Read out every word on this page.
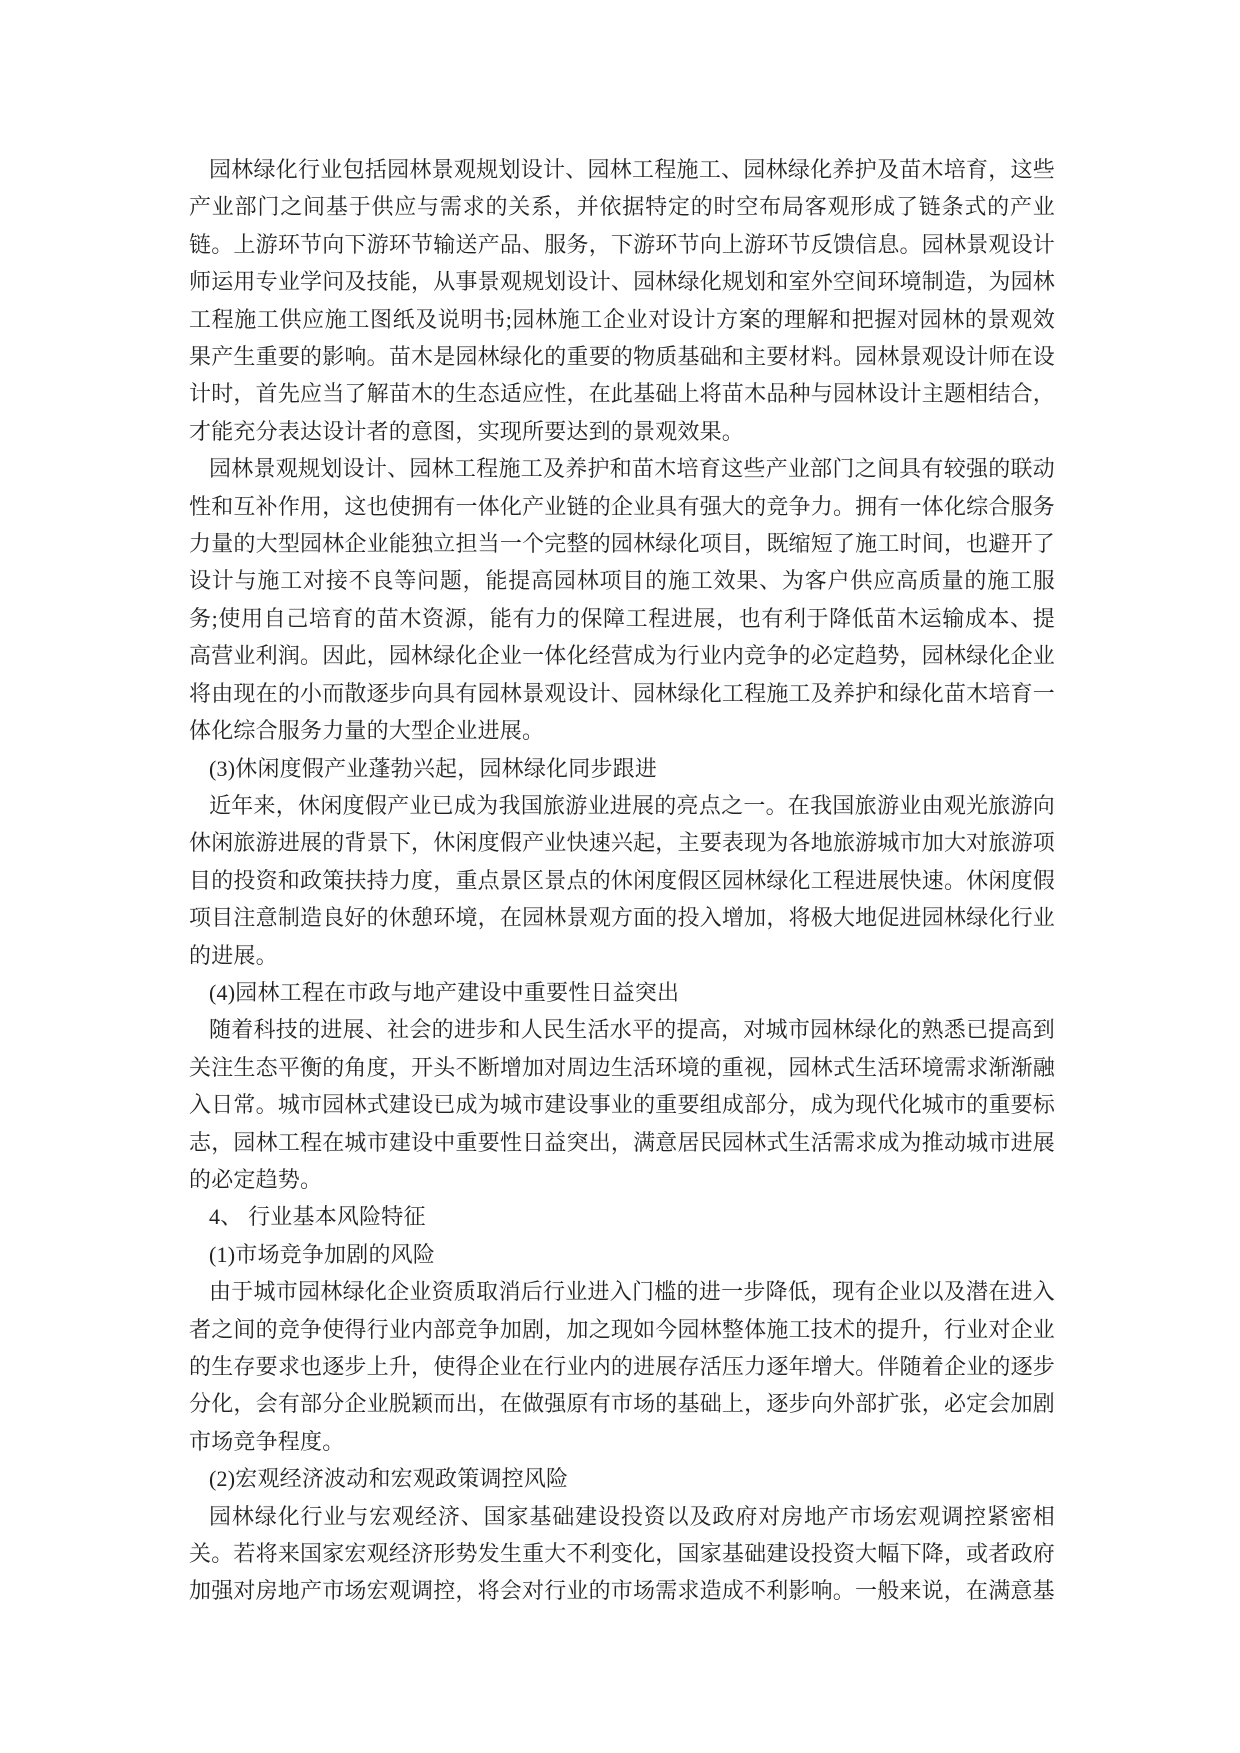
园林绿化行业包括园林景观规划设计、园林工程施工、园林绿化养护及苗木培育，这些产业部门之间基于供应与需求的关系，并依据特定的时空布局客观形成了链条式的产业链。上游环节向下游环节输送产品、服务，下游环节向上游环节反馈信息。园林景观设计师运用专业学问及技能，从事景观规划设计、园林绿化规划和室外空间环境制造，为园林工程施工供应施工图纸及说明书;园林施工企业对设计方案的理解和把握对园林的景观效果产生重要的影响。苗木是园林绿化的重要的物质基础和主要材料。园林景观设计师在设计时，首先应当了解苗木的生态适应性，在此基础上将苗木品种与园林设计主题相结合，才能充分表达设计者的意图，实现所要达到的景观效果。

园林景观规划设计、园林工程施工及养护和苗木培育这些产业部门之间具有较强的联动性和互补作用，这也使拥有一体化产业链的企业具有强大的竞争力。拥有一体化综合服务力量的大型园林企业能独立担当一个完整的园林绿化项目，既缩短了施工时间，也避开了设计与施工对接不良等问题，能提高园林项目的施工效果、为客户供应高质量的施工服务;使用自己培育的苗木资源，能有力的保障工程进展，也有利于降低苗木运输成本、提高营业利润。因此，园林绿化企业一体化经营成为行业内竞争的必定趋势，园林绿化企业将由现在的小而散逐步向具有园林景观设计、园林绿化工程施工及养护和绿化苗木培育一体化综合服务力量的大型企业进展。

(3)休闲度假产业蓬勃兴起，园林绿化同步跟进

近年来，休闲度假产业已成为我国旅游业进展的亮点之一。在我国旅游业由观光旅游向休闲旅游进展的背景下，休闲度假产业快速兴起，主要表现为各地旅游城市加大对旅游项目的投资和政策扶持力度，重点景区景点的休闲度假区园林绿化工程进展快速。休闲度假项目注意制造良好的休憩环境，在园林景观方面的投入增加，将极大地促进园林绿化行业的进展。

(4)园林工程在市政与地产建设中重要性日益突出

随着科技的进展、社会的进步和人民生活水平的提高，对城市园林绿化的熟悉已提高到关注生态平衡的角度，开头不断增加对周边生活环境的重视，园林式生活环境需求渐渐融入日常。城市园林式建设已成为城市建设事业的重要组成部分，成为现代化城市的重要标志，园林工程在城市建设中重要性日益突出，满意居民园林式生活需求成为推动城市进展的必定趋势。

4、 行业基本风险特征

(1)市场竞争加剧的风险

由于城市园林绿化企业资质取消后行业进入门槛的进一步降低，现有企业以及潜在进入者之间的竞争使得行业内部竞争加剧，加之现如今园林整体施工技术的提升，行业对企业的生存要求也逐步上升，使得企业在行业内的进展存活压力逐年增大。伴随着企业的逐步分化，会有部分企业脱颖而出，在做强原有市场的基础上，逐步向外部扩张，必定会加剧市场竞争程度。

(2)宏观经济波动和宏观政策调控风险

园林绿化行业与宏观经济、国家基础建设投资以及政府对房地产市场宏观调控紧密相关。若将来国家宏观经济形势发生重大不利变化，国家基础建设投资大幅下降，或者政府加强对房地产市场宏观调控，将会对行业的市场需求造成不利影响。一般来说，在满意基
